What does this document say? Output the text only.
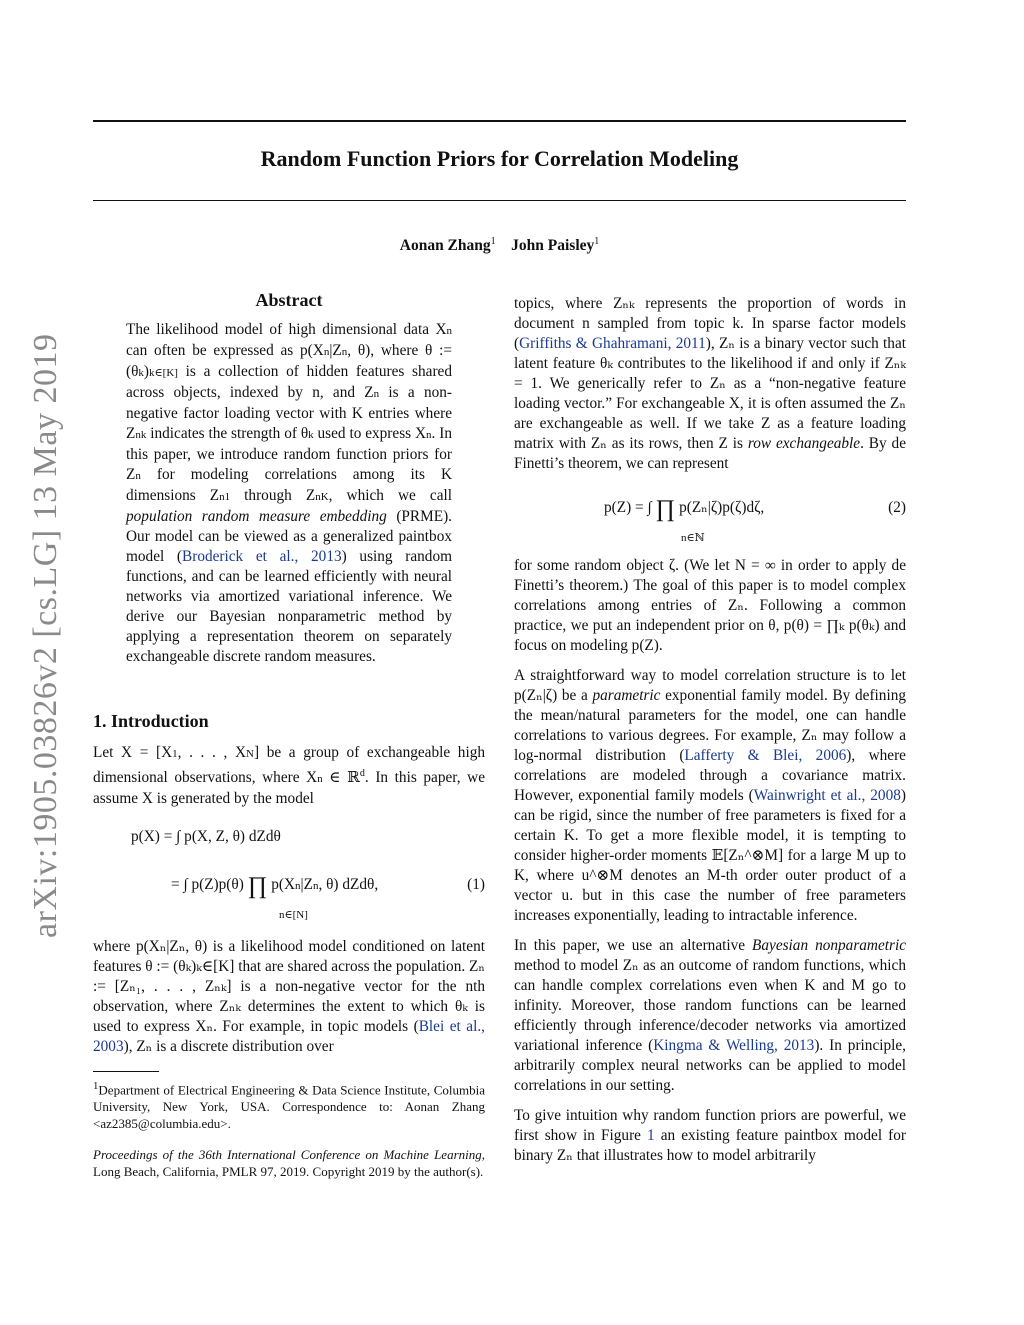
Random Function Priors for Correlation Modeling

Aonan Zhang$^1$ John Paisley$^1$

arXiv:1905.03826v2 [cs.LG] 13 May 2019
Abstract

The likelihood model of high dimensional data Xn can often be expressed as p(Xn|Zn, θ), where θ := (θk)k∈[K] is a collection of hidden features shared across objects, indexed by n, and Zn is a non-negative factor loading vector with K entries where Znk indicates the strength of θk used to express Xn. In this paper, we introduce random function priors for Zn for modeling correlations among its K dimensions Zn1 through ZnK, which we call population random measure embedding (PRME). Our model can be viewed as a generalized paintbox model (Broderick et al., 2013) using random functions, and can be learned efficiently with neural networks via amortized variational inference. We derive our Bayesian nonparametric method by applying a representation theorem on separately exchangeable discrete random measures.

1. Introduction

Let X = [X1, . . . , XN] be a group of exchangeable high dimensional observations, where Xn ∈ ℝ$^d$. In this paper, we assume X is generated by the model

p(X) = ∫ p(X, Z, θ) dZdθ
= ∫ p(Z)p(θ) ∏ p(Xn|Zn, θ) dZdθ,
n∈[N]
(1)

where p(Xₙ|Zₙ, θ) is a likelihood model conditioned on latent features θ := (θₖ)ₖ∈[K] that are shared across the population. Zₙ := [Zₙ₁, . . . , Zₙₖ] is a non-negative vector for the nth observation, where Zₙₖ determines the extent to which θₖ is used to express Xₙ. For example, in topic models (Blei et al., 2003), Zₙ is a discrete distribution over

$^1$Department of Electrical Engineering & Data Science Institute, Columbia University, New York, USA. Correspondence to: Aonan Zhang <az2385@columbia.edu>.

Proceedings of the 36th International Conference on Machine Learning, Long Beach, California, PMLR 97, 2019. Copyright 2019 by the author(s).

topics, where Zₙₖ represents the proportion of words in document n sampled from topic k. In sparse factor models (Griffiths & Ghahramani, 2011), Zₙ is a binary vector such that latent feature θₖ contributes to the likelihood if and only if Zₙₖ = 1. We generically refer to Zₙ as a “non-negative feature loading vector.” For exchangeable X, it is often assumed the Zₙ are exchangeable as well. If we take Z as a feature loading matrix with Zₙ as its rows, then Z is row exchangeable. By de Finetti’s theorem, we can represent

p(Z) = ∫ ∏ p(Zₙ|ζ)p(ζ)dζ,
n∈ℕ
(2)

for some random object ζ. (We let N = ∞ in order to apply de Finetti’s theorem.) The goal of this paper is to model complex correlations among entries of Zₙ. Following a common practice, we put an independent prior on θ, p(θ) = ∏ₖ p(θₖ) and focus on modeling p(Z).

A straightforward way to model correlation structure is to let p(Zₙ|ζ) be a parametric exponential family model. By defining the mean/natural parameters for the model, one can handle correlations to various degrees. For example, Zₙ may follow a log-normal distribution (Lafferty & Blei, 2006), where correlations are modeled through a covariance matrix. However, exponential family models (Wainwright et al., 2008) can be rigid, since the number of free parameters is fixed for a certain K. To get a more flexible model, it is tempting to consider higher-order moments 𝔼[Zₙ^⊗M] for a large M up to K, where u^⊗M denotes an M-th order outer product of a vector u. but in this case the number of free parameters increases exponentially, leading to intractable inference.

In this paper, we use an alternative Bayesian nonparametric method to model Zₙ as an outcome of random functions, which can handle complex correlations even when K and M go to infinity. Moreover, those random functions can be learned efficiently through inference/decoder networks via amortized variational inference (Kingma & Welling, 2013). In principle, arbitrarily complex neural networks can be applied to model correlations in our setting.

To give intuition why random function priors are powerful, we first show in Figure 1 an existing feature paintbox model for binary Zₙ that illustrates how to model arbitrarily
